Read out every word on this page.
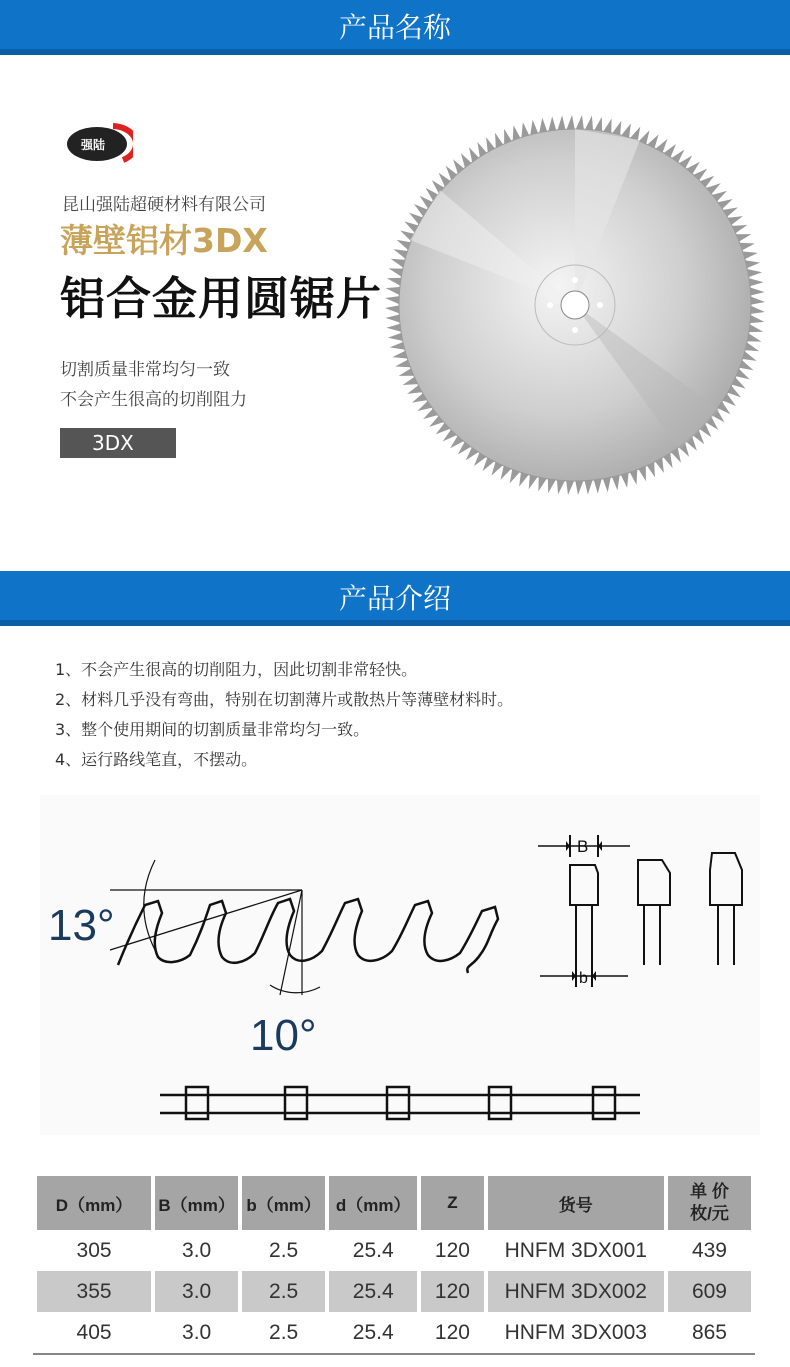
产品名称
强陆
昆山强陆超硬材料有限公司
薄壁铝材3DX
铝合金用圆锯片
切割质量非常均匀一致
不会产生很高的切削阻力
3DX
产品介绍
1、不会产生很高的切削阻力，因此切割非常轻快。
2、材料几乎没有弯曲，特别在切割薄片或散热片等薄壁材料时。
3、整个使用期间的切割质量非常均匀一致。
4、运行路线笔直，不摆动。
13°
10°
B
b
D（mm）	B（mm）	b（mm）	d（mm）	Z	货号	单 价
枚/元
305	3.0	2.5	25.4	120	HNFM 3DX001	439
355	3.0	2.5	25.4	120	HNFM 3DX002	609
405	3.0	2.5	25.4	120	HNFM 3DX003	865
